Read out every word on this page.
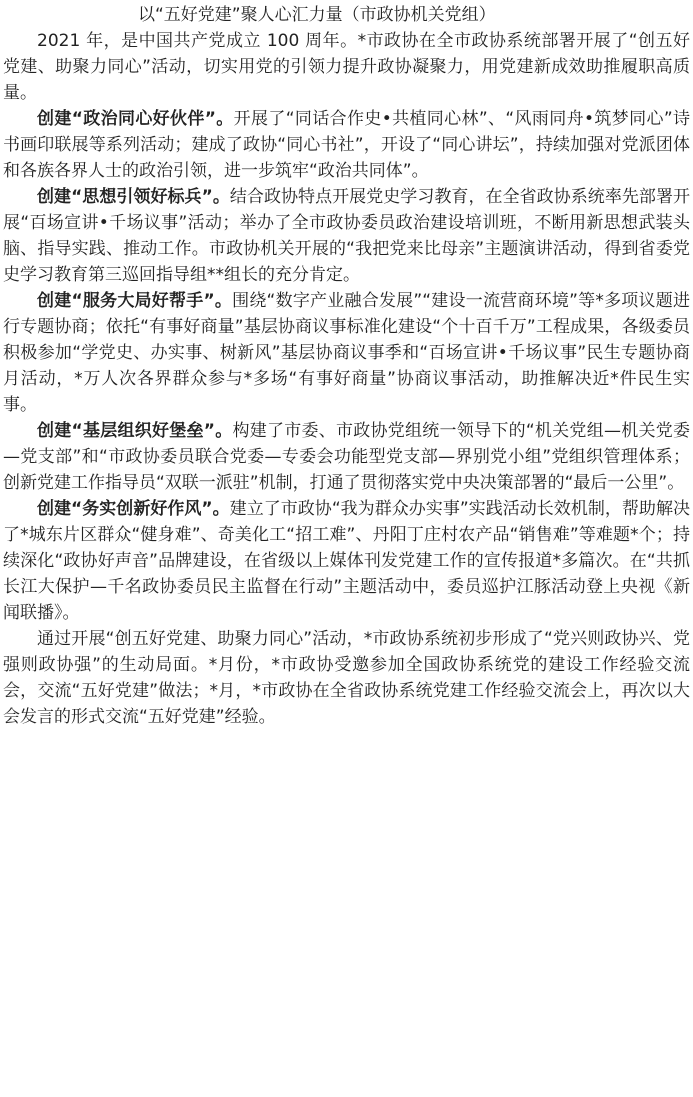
以“五好党建”聚人心汇力量（市政协机关党组）

2021 年，是中国共产党成立 100 周年。*市政协在全市政协系统部署开展了“创五好党建、助聚力同心”活动，切实用党的引领力提升政协凝聚力，用党建新成效助推履职高质量。

创建“政治同心好伙伴”。开展了“同话合作史•共植同心林”、“风雨同舟•筑梦同心”诗书画印联展等系列活动；建成了政协“同心书社”，开设了“同心讲坛”，持续加强对党派团体和各族各界人士的政治引领，进一步筑牢“政治共同体”。

创建“思想引领好标兵”。结合政协特点开展党史学习教育，在全省政协系统率先部署开展“百场宣讲•千场议事”活动；举办了全市政协委员政治建设培训班，不断用新思想武装头脑、指导实践、推动工作。市政协机关开展的“我把党来比母亲”主题演讲活动，得到省委党史学习教育第三巡回指导组**组长的充分肯定。

创建“服务大局好帮手”。围绕“数字产业融合发展”“建设一流营商环境”等*多项议题进行专题协商；依托“有事好商量”基层协商议事标准化建设“个十百千万”工程成果，各级委员积极参加“学党史、办实事、树新风”基层协商议事季和“百场宣讲•千场议事”民生专题协商月活动，*万人次各界群众参与*多场“有事好商量”协商议事活动，助推解决近*件民生实事。

创建“基层组织好堡垒”。构建了市委、市政协党组统一领导下的“机关党组—机关党委—党支部”和“市政协委员联合党委—专委会功能型党支部—界别党小组”党组织管理体系；创新党建工作指导员“双联一派驻”机制，打通了贯彻落实党中央决策部署的“最后一公里”。

创建“务实创新好作风”。建立了市政协“我为群众办实事”实践活动长效机制，帮助解决了*城东片区群众“健身难”、奇美化工“招工难”、丹阳丁庄村农产品“销售难”等难题*个；持续深化“政协好声音”品牌建设，在省级以上媒体刊发党建工作的宣传报道*多篇次。在“共抓长江大保护—千名政协委员民主监督在行动”主题活动中，委员巡护江豚活动登上央视《新闻联播》。

通过开展“创五好党建、助聚力同心”活动，*市政协系统初步形成了“党兴则政协兴、党强则政协强”的生动局面。*月份，*市政协受邀参加全国政协系统党的建设工作经验交流会，交流“五好党建”做法；*月，*市政协在全省政协系统党建工作经验交流会上，再次以大会发言的形式交流“五好党建”经验。
